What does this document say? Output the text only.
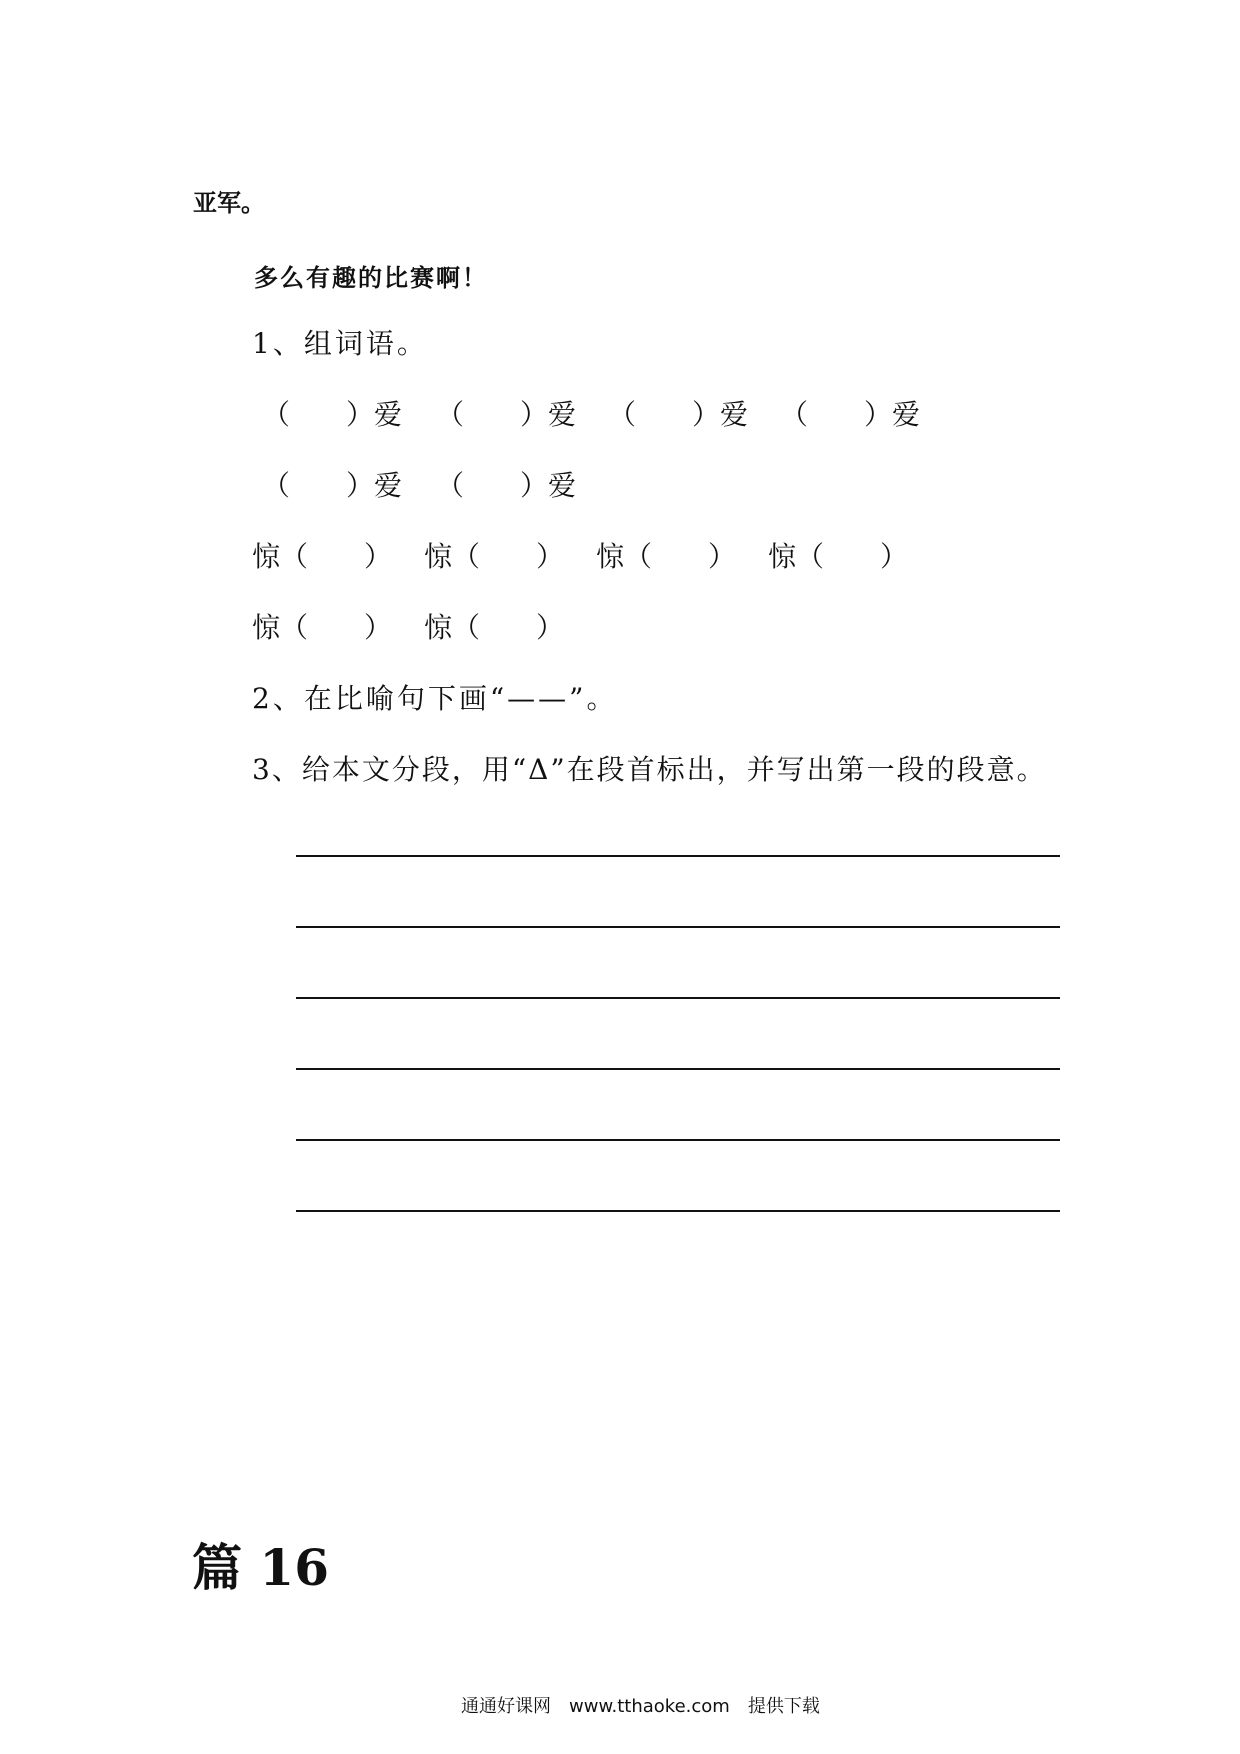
亚军。
多么有趣的比赛啊！
1、组词语。
（　　）爱 （　　）爱 （　　）爱 （　　）爱
（　　）爱 （　　）爱
惊（　　） 惊（　　） 惊（　　） 惊（　　）
惊（　　） 惊（　　）
2、在比喻句下画“——”。
3、给本文分段，用“Δ”在段首标出，并写出第一段的段意。
篇 16
通通好课网　www.tthaoke.com　提供下载
